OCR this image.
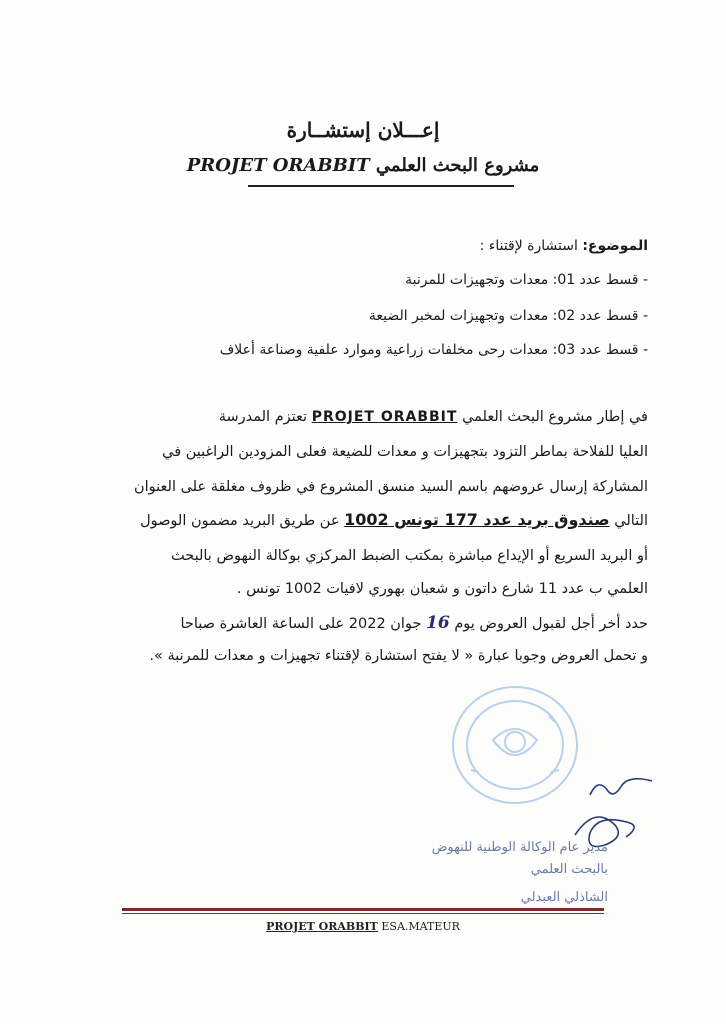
إعـــلان إستشــارة
مشروع البحث العلمي PROJET ORABBIT
الموضوع: استشارة لإقتناء :
- قسط عدد 01: معدات وتجهيزات للمرنبة
- قسط عدد 02: معدات وتجهيزات لمخبر الضيعة
- قسط عدد 03: معدات رحى مخلفات زراعية وموارد علفية وصناعة أعلاف
في إطار مشروع البحث العلمي PROJET ORABBIT تعتزم المدرسة
العليا للفلاحة بماطر التزود بتجهيزات و معدات للضيعة فعلى المزودين الراغبين في
المشاركة إرسال عروضهم باسم السيد منسق المشروع في ظروف مغلقة على العنوان
التالي صندوق بريد عدد 177 تونس 1002 عن طريق البريد مضمون الوصول
أو البريد السريع أو الإيداع مباشرة بمكتب الضبط المركزي بوكالة النهوض بالبحث
العلمي ب عدد 11 شارع داتون و شعبان بهوري لافيات 1002 تونس .
حدد أخر أجل لقبول العروض يوم 16 جوان 2022 على الساعة العاشرة صباحا
و تحمل العروض وجوبا عبارة « لا يفتح استشارة لإقتناء تجهيزات و معدات للمرنبة ».
مدير عام الوكالة الوطنية للنهوض
بالبحث العلمي
الشاذلي العبدلي
PROJET ORABBIT ESA.MATEUR
